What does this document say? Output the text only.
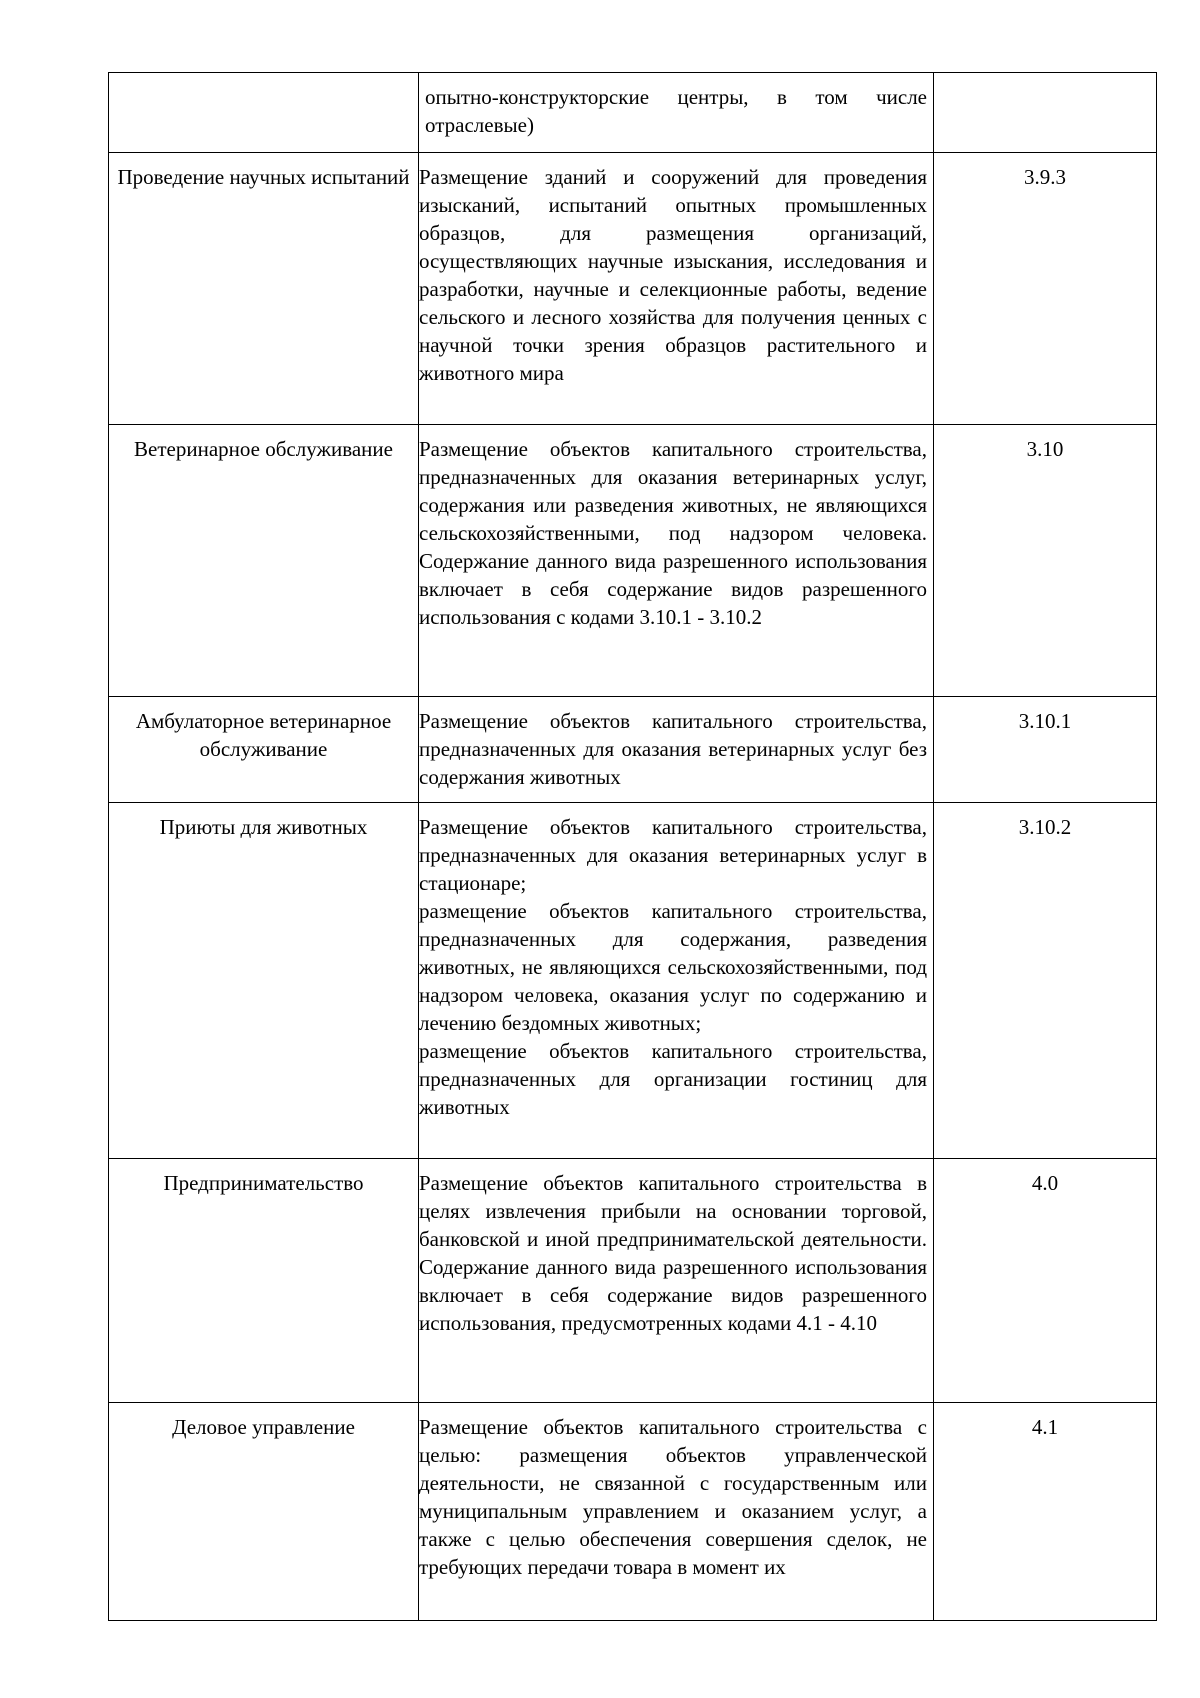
	опытно-конструкторские центры, в том числе отраслевые)	

Проведение научных испытаний	Размещение зданий и сооружений для проведения изысканий, испытаний опытных промышленных образцов, для размещения организаций, осуществляющих научные изыскания, исследования и разработки, научные и селекционные работы, ведение сельского и лесного хозяйства для получения ценных с научной точки зрения образцов растительного и животного мира	3.9.3
Ветеринарное обслуживание	Размещение объектов капитального строительства, предназначенных для оказания ветеринарных услуг, содержания или разведения животных, не являющихся сельскохозяйственными, под надзором человека. Содержание данного вида разрешенного использования включает в себя содержание видов разрешенного использования с кодами 3.10.1 - 3.10.2	3.10
Амбулаторное ветеринарное обслуживание	Размещение объектов капитального строительства, предназначенных для оказания ветеринарных услуг без содержания животных	3.10.1
Приюты для животных	Размещение объектов капитального строительства, предназначенных для оказания ветеринарных услуг в стационаре;
размещение объектов капитального строительства, предназначенных для содержания, разведения животных, не являющихся сельскохозяйственными, под надзором человека, оказания услуг по содержанию и лечению бездомных животных;
размещение объектов капитального строительства, предназначенных для организации гостиниц для животных	3.10.2
Предпринимательство	Размещение объектов капитального строительства в целях извлечения прибыли на основании торговой, банковской и иной предпринимательской деятельности. Содержание данного вида разрешенного использования включает в себя содержание видов разрешенного использования, предусмотренных кодами 4.1 - 4.10	4.0
Деловое управление	Размещение объектов капитального строительства с целью: размещения объектов управленческой деятельности, не связанной с государственным или муниципальным управлением и оказанием услуг, а также с целью обеспечения совершения сделок, не требующих передачи товара в момент их	4.1
